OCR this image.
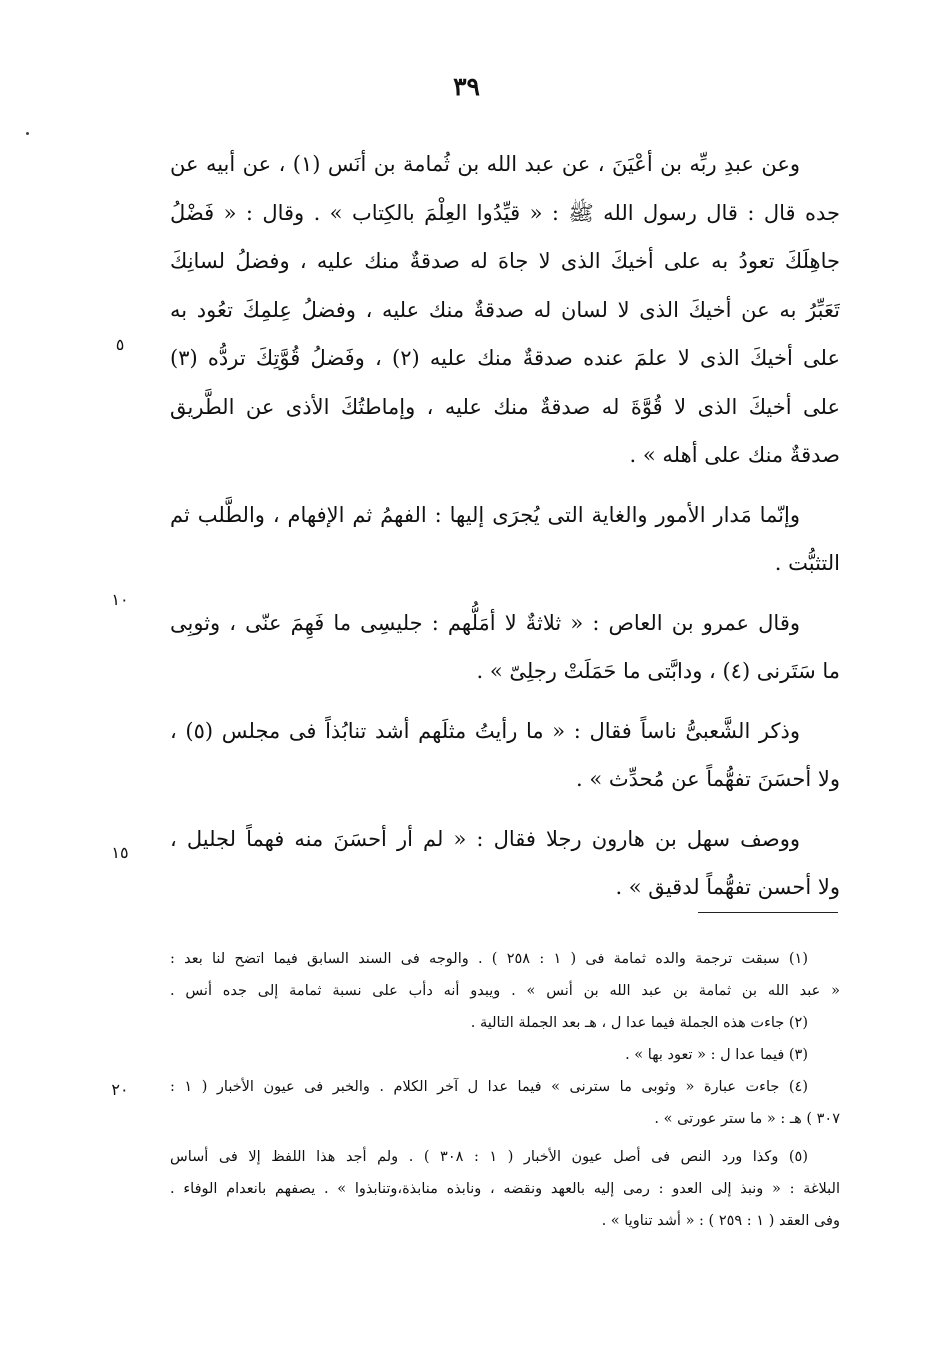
٣٩
وعن عبدِ ربِّه بن أعْيَنَ ، عن عبد الله بن ثُمامة بن أنَس (١) ، عن أبيه عن
جده قال : قال رسول الله ﷺ : « قيِّدُوا العِلْمَ بالكِتاب » . وقال : « فَضْلُ
جاهِلَكَ تعودُ به على أخيكَ الذى لا جاهَ له صدقةٌ منك عليه ، وفضلُ لسانِكَ
تَعَبِّرُ به عن أخيكَ الذى لا لسان له صدقةٌ منك عليه ، وفضلُ عِلمِكَ تعُود به
على أخيكَ الذى لا علمَ عنده صدقةٌ منك عليه (٢) ، وفَضلُ قُوَّتِكَ تردُّه (٣)
على أخيكَ الذى لا قُوَّةَ له صدقةٌ منك عليه ، وإماطتُكَ الأذى عن الطَّريق
صدقةٌ منك على أهله » .
وإنّما مَدار الأمور والغاية التى يُجرَى إليها : الفهمُ ثم الإفهام ، والطَّلب ثم
التثبُّت .
وقال عمرو بن العاص : « ثلاثةٌ لا أمَلُّهم : جليسِى ما فَهِمَ عنّى ، وثوبِى
ما سَتَرنى (٤) ، ودابَّتى ما حَمَلَتْ رجلِىّ » .
وذكر الشَّعبىُّ ناساً فقال : « ما رأيتُ مثلَهم أشد تنابُذاً فى مجلس (٥) ،
ولا أحسَنَ تفهُّماً عن مُحدِّث » .
ووصف سهل بن هارون رجلا فقال : « لم أر أحسَنَ منه فهماً لجليل ،
ولا أحسن تفهُّماً لدقيق » .
٥
١٠
١٥
٢٠
(١) سبقت ترجمة والده ثمامة فى ( ١ : ٢٥٨ ) . والوجه فى السند السابق فيما اتضح لنا بعد :
« عبد الله بن ثمامة بن عبد الله بن أنس » . ويبدو أنه دأب على نسبة ثمامة إلى جده أنس .
(٢) جاءت هذه الجملة فيما عدا ل ، هـ بعد الجملة التالية .
(٣) فيما عدا ل : « تعود بها » .
(٤) جاءت عبارة « وثوبى ما سترنى » فيما عدا ل آخر الكلام . والخبر فى عيون الأخبار ( ١ :
٣٠٧ ) هـ : « ما ستر عورتى » .
(٥) وكذا ورد النص فى أصل عيون الأخبار ( ١ : ٣٠٨ ) . ولم أجد هذا اللفظ إلا فى أساس
البلاغة : « ونبذ إلى العدو : رمى إليه بالعهد ونقضه ، ونابذه منابذة،وتنابذوا » . يصفهم بانعدام الوفاء .
وفى العقد ( ١ : ٢٥٩ ) : « أشد تناويا » .
